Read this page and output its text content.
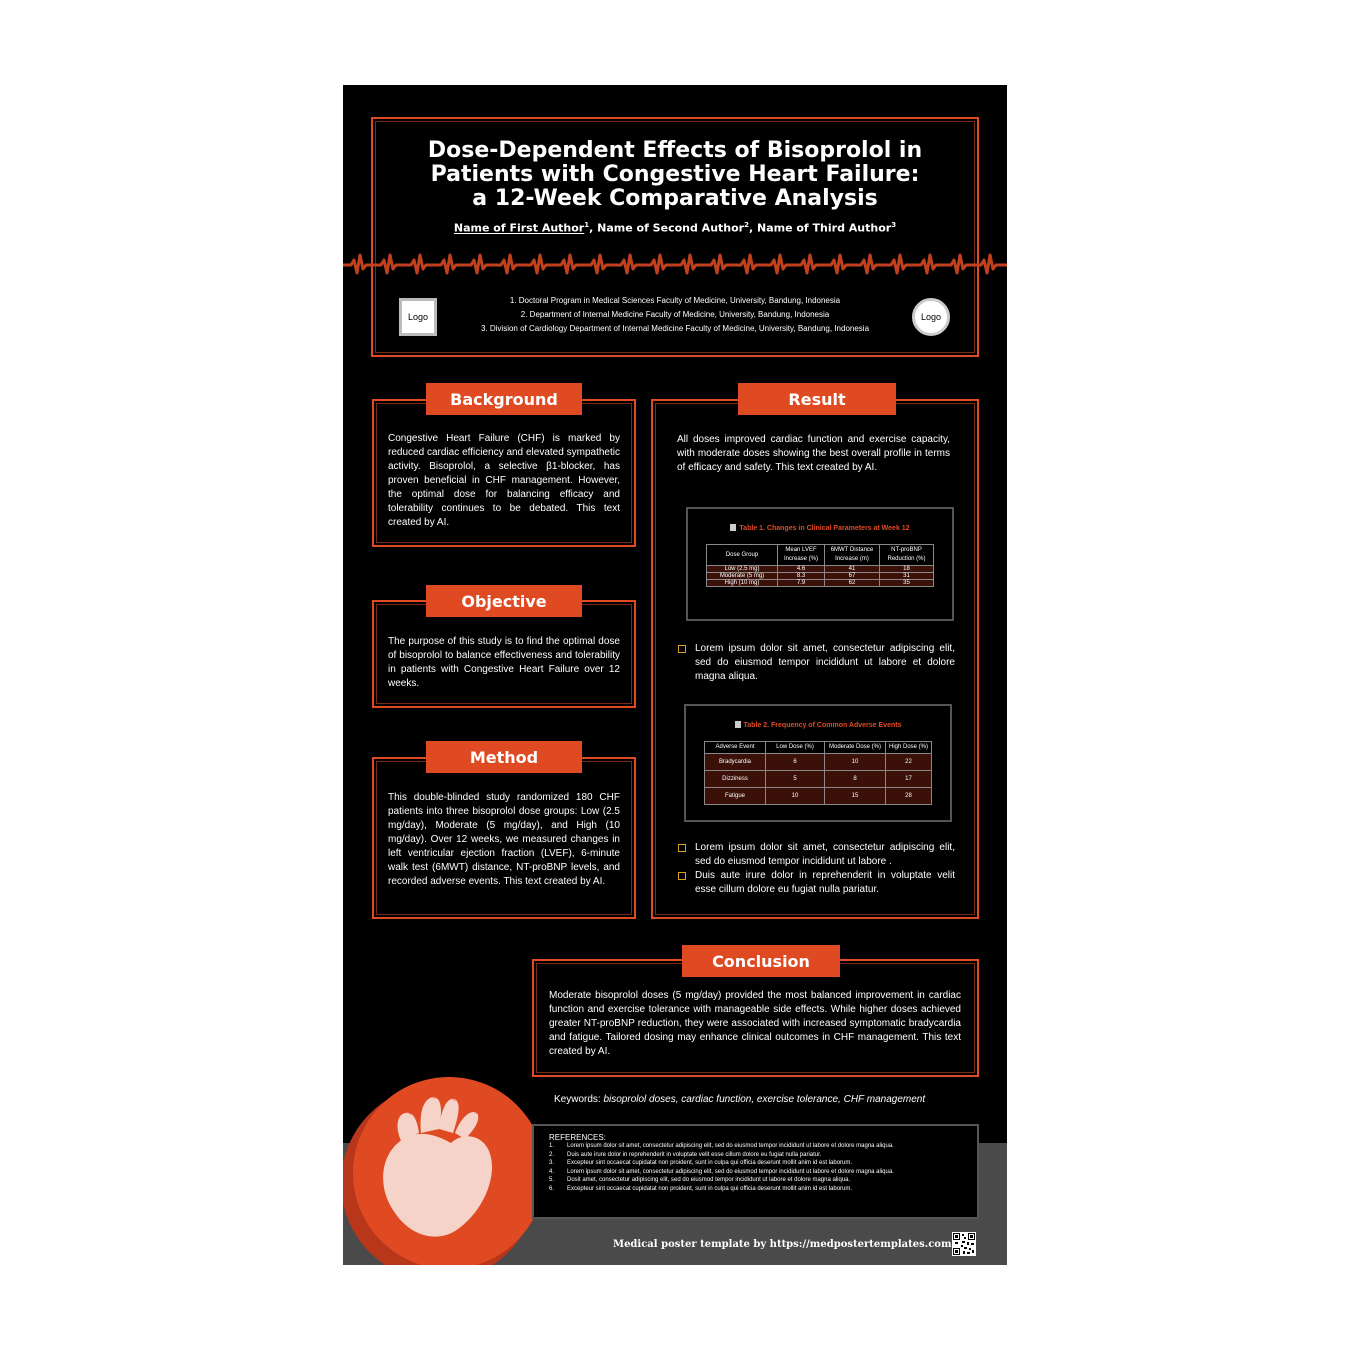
Dose-Dependent Effects of Bisoprolol in
Patients with Congestive Heart Failure:
a 12-Week Comparative Analysis
Name of First Author$^1$, Name of Second Author$^2$, Name of Third Author$^3$
Logo
1. Doctoral Program in Medical Sciences Faculty of Medicine, University, Bandung, Indonesia
2. Department of Internal Medicine Faculty of Medicine, University, Bandung, Indonesia
3. Division of Cardiology Department of Internal Medicine Faculty of Medicine, University, Bandung, Indonesia
Logo
Background

Congestive Heart Failure (CHF) is marked by reduced cardiac efficiency and elevated sympathetic activity. Bisoprolol, a selective β1-blocker, has proven beneficial in CHF management. However, the optimal dose for balancing efficacy and tolerability continues to be debated. This text created by AI.

Objective

The purpose of this study is to find the optimal dose of bisoprolol to balance effectiveness and tolerability in patients with Congestive Heart Failure over 12 weeks.

Method

This double-blinded study randomized 180 CHF patients into three bisoprolol dose groups: Low (2.5 mg/day), Moderate (5 mg/day), and High (10 mg/day). Over 12 weeks, we measured changes in left ventricular ejection fraction (LVEF), 6-minute walk test (6MWT) distance, NT-proBNP levels, and recorded adverse events. This text created by AI.

Result

All doses improved cardiac function and exercise capacity, with moderate doses showing the best overall profile in terms of efficacy and safety. This text created by AI.

Table 1. Changes in Clinical Parameters at Week 12
Dose Group	Mean LVEF Increase (%)	6MWT Distance Increase (m)	NT-proBNP Reduction (%)
Low (2.5 mg)	4.6	41	18
Moderate (5 mg)	8.3	67	31
High (10 mg)	7.9	62	35
Lorem ipsum dolor sit amet, consectetur adipiscing elit, sed do eiusmod tempor incididunt ut labore et dolore magna aliqua.
Table 2. Frequency of Common Adverse Events
Adverse Event	Low Dose (%)	Moderate Dose (%)	High Dose (%)
Bradycardia	6	10	22
Dizziness	5	8	17
Fatigue	10	15	28
Lorem ipsum dolor sit amet, consectetur adipiscing elit, sed do eiusmod tempor incididunt ut labore .
Duis aute irure dolor in reprehenderit in voluptate velit esse cillum dolore eu fugiat nulla pariatur.
Conclusion

Moderate bisoprolol doses (5 mg/day) provided the most balanced improvement in cardiac function and exercise tolerance with manageable side effects. While higher doses achieved greater NT-proBNP reduction, they were associated with increased symptomatic bradycardia and fatigue. Tailored dosing may enhance clinical outcomes in CHF management. This text created by AI.

Keywords: bisoprolol doses, cardiac function, exercise tolerance, CHF management
REFERENCES:
1. Lorem ipsum dolor sit amet, consectetur adipiscing elit, sed do eiusmod tempor incididunt ut labore et dolore magna aliqua.
2. Duis aute irure dolor in reprehenderit in voluptate velit esse cillum dolore eu fugiat nulla pariatur.
3. Excepteur sint occaecat cupidatat non proident, sunt in culpa qui officia deserunt mollit anim id est laborum.
4. Lorem ipsum dolor sit amet, consectetur adipiscing elit, sed do eiusmod tempor incididunt ut labore et dolore magna aliqua.
5. Dosit amet, consectetur adipiscing elit, sed do eiusmod tempor incididunt ut labore et dolore magna aliqua.
6. Excepteur sint occaecat cupidatat non proident, sunt in culpa qui officia deserunt mollit anim id est laborum.
Medical poster template by https://medpostertemplates.com
